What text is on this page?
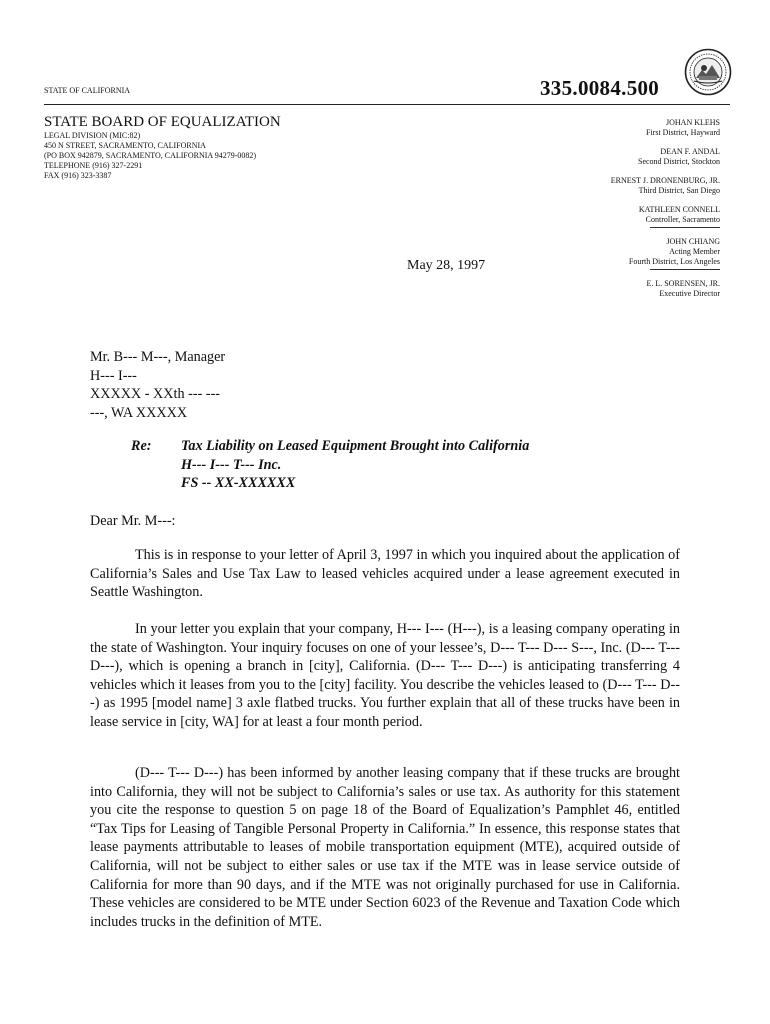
STATE OF CALIFORNIA	335.0084.500
STATE BOARD OF EQUALIZATION
LEGAL DIVISION (MIC:82)
450 N STREET, SACRAMENTO, CALIFORNIA
(PO BOX 942879, SACRAMENTO, CALIFORNIA 94279-0082)
TELEPHONE (916) 327-2291
FAX (916) 323-3387
JOHAN KLEHS
First District, Hayward
DEAN F. ANDAL
Second District, Stockton
ERNEST J. DRONENBURG, JR.
Third District, San Diego
KATHLEEN CONNELL
Controller, Sacramento
JOHN CHIANG
Acting Member
Fourth District, Los Angeles
E. L. SORENSEN, JR.
Executive Director
May 28, 1997
Mr. B--- M---, Manager
H--- I---
XXXXX - XXth --- ---
---, WA XXXXX
Re: Tax Liability on Leased Equipment Brought into California
H--- I--- T--- Inc.
FS -- XX-XXXXXX
Dear Mr. M---:

This is in response to your letter of April 3, 1997 in which you inquired about the application of California’s Sales and Use Tax Law to leased vehicles acquired under a lease agreement executed in Seattle Washington.

In your letter you explain that your company, H--- I--- (H---), is a leasing company operating in the state of Washington. Your inquiry focuses on one of your lessee’s, D--- T--- D--- S---, Inc. (D--- T--- D---), which is opening a branch in [city], California. (D--- T--- D---) is anticipating transferring 4 vehicles which it leases from you to the [city] facility. You describe the vehicles leased to (D--- T--- D---) as 1995 [model name] 3 axle flatbed trucks. You further explain that all of these trucks have been in lease service in [city, WA] for at least a four month period.

(D--- T--- D---) has been informed by another leasing company that if these trucks are brought into California, they will not be subject to California’s sales or use tax. As authority for this statement you cite the response to question 5 on page 18 of the Board of Equalization’s Pamphlet 46, entitled “Tax Tips for Leasing of Tangible Personal Property in California.” In essence, this response states that lease payments attributable to leases of mobile transportation equipment (MTE), acquired outside of California, will not be subject to either sales or use tax if the MTE was in lease service outside of California for more than 90 days, and if the MTE was not originally purchased for use in California. These vehicles are considered to be MTE under Section 6023 of the Revenue and Taxation Code which includes trucks in the definition of MTE.
